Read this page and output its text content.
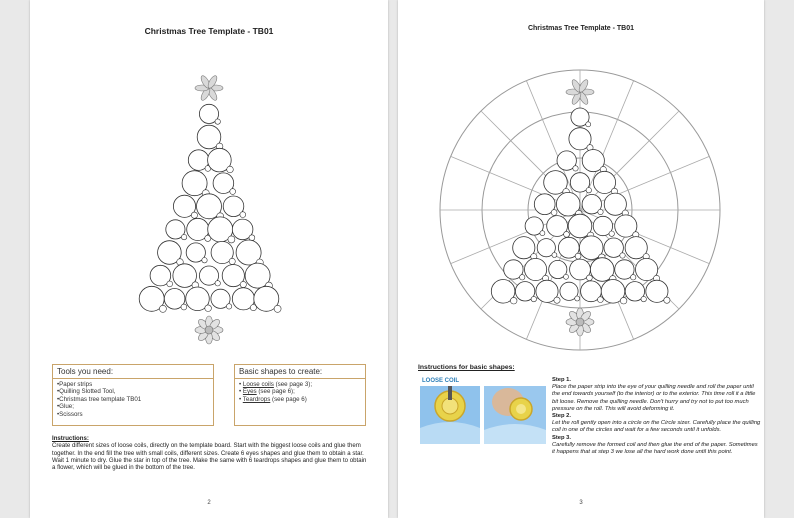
Christmas Tree Template - TB01
Tools you need:
•Paper strips
•Quilling Slotted Tool,
•Christmas tree template TB01
•Glue;
•Scissors
Basic shapes to create:
• Loose coils (see page 3);
• Eyes (see page 6);
• Teardrops (see page 6)
Instructions:
Create different sizes of loose coils, directly on the template board. Start with the biggest loose coils and glue them together. In the end fill the tree with small coils, different sizes. Create 6 eyes shapes and glue them to obtain a star. Wait 1 minute to dry. Glue the star in top of the tree. Make the same with 6 teardrops shapes and glue them to obtain a flower, which will be glued in the bottom of the tree.
2
Christmas Tree Template - TB01
Instructions for basic shapes:
LOOSE COIL	Step 1.
Place the paper strip into the eye of your quilling needle and roll the paper until the end towards yourself (to the interior) or to the exterior. This time roll it a little bit loose. Remove the quilling needle. Don't hurry and try not to put too much pressure on the roll. This will avoid deforming it.
Step 2.
Let the roll gently open into a circle on the Circle sizer. Carefully place the quilling coil in one of the circles and wait for a few seconds until it unfolds.
Step 3.
Carefully remove the formed coil and then glue the end of the paper. Sometimes it happens that at step 3 we lose all the hard work done until this point.
3
